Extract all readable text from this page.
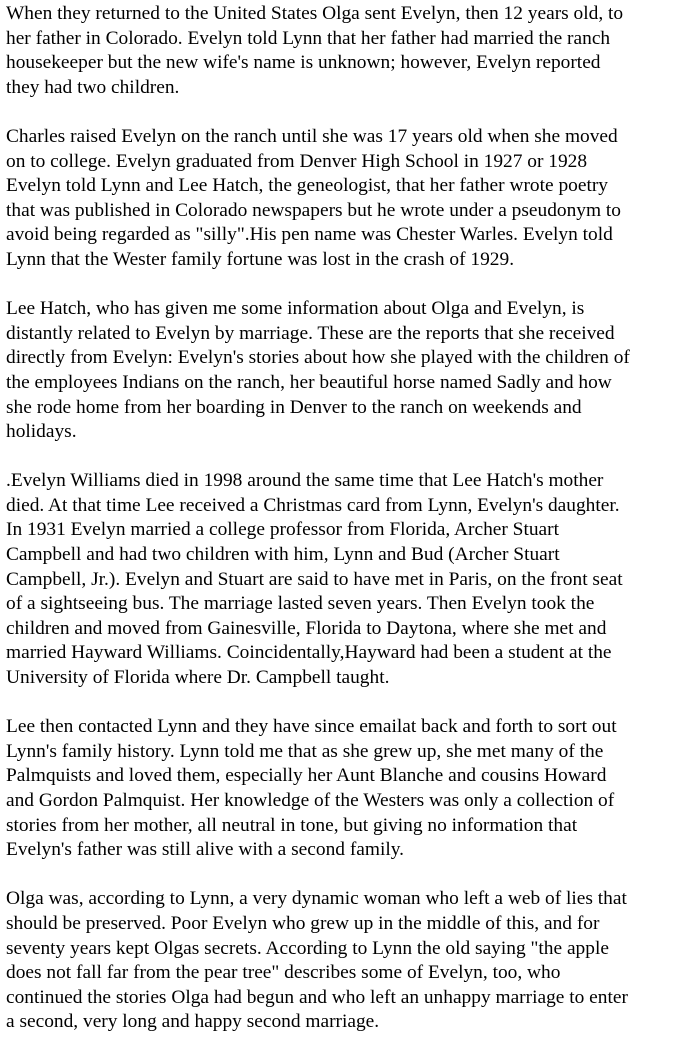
When they returned to the United States Olga sent Evelyn, then 12 years old, to
her father in Colorado. Evelyn told Lynn that her father had married the ranch
housekeeper but the new wife's name is unknown; however, Evelyn reported
they had two children.

Charles raised Evelyn on the ranch until she was 17 years old when she moved
on to college. Evelyn graduated from Denver High School in 1927 or 1928
Evelyn told Lynn and Lee Hatch, the geneologist, that her father wrote poetry
that was published in Colorado newspapers but he wrote under a pseudonym to
avoid being regarded as "silly".His pen name was Chester Warles. Evelyn told
Lynn that the Wester family fortune was lost in the crash of 1929.

Lee Hatch, who has given me some information about Olga and Evelyn, is
distantly related to Evelyn by marriage. These are the reports that she received
directly from Evelyn: Evelyn's stories about how she played with the children of
the employees Indians on the ranch, her beautiful horse named Sadly and how
she rode home from her boarding in Denver to the ranch on weekends and
holidays.

.Evelyn Williams died in 1998 around the same time that Lee Hatch's mother
died. At that time Lee received a Christmas card from Lynn, Evelyn's daughter.
In 1931 Evelyn married a college professor from Florida, Archer Stuart
Campbell and had two children with him, Lynn and Bud (Archer Stuart
Campbell, Jr.). Evelyn and Stuart are said to have met in Paris, on the front seat
of a sightseeing bus. The marriage lasted seven years. Then Evelyn took the
children and moved from Gainesville, Florida to Daytona, where she met and
married Hayward Williams. Coincidentally,Hayward had been a student at the
University of Florida where Dr. Campbell taught.

Lee then contacted Lynn and they have since emailat back and forth to sort out
Lynn's family history. Lynn told me that as she grew up, she met many of the
Palmquists and loved them, especially her Aunt Blanche and cousins Howard
and Gordon Palmquist. Her knowledge of the Westers was only a collection of
stories from her mother, all neutral in tone, but giving no information that
Evelyn's father was still alive with a second family.

Olga was, according to Lynn, a very dynamic woman who left a web of lies that
should be preserved. Poor Evelyn who grew up in the middle of this, and for
seventy years kept Olgas secrets. According to Lynn the old saying "the apple
does not fall far from the pear tree" describes some of Evelyn, too, who
continued the stories Olga had begun and who left an unhappy marriage to enter
a second, very long and happy second marriage.
